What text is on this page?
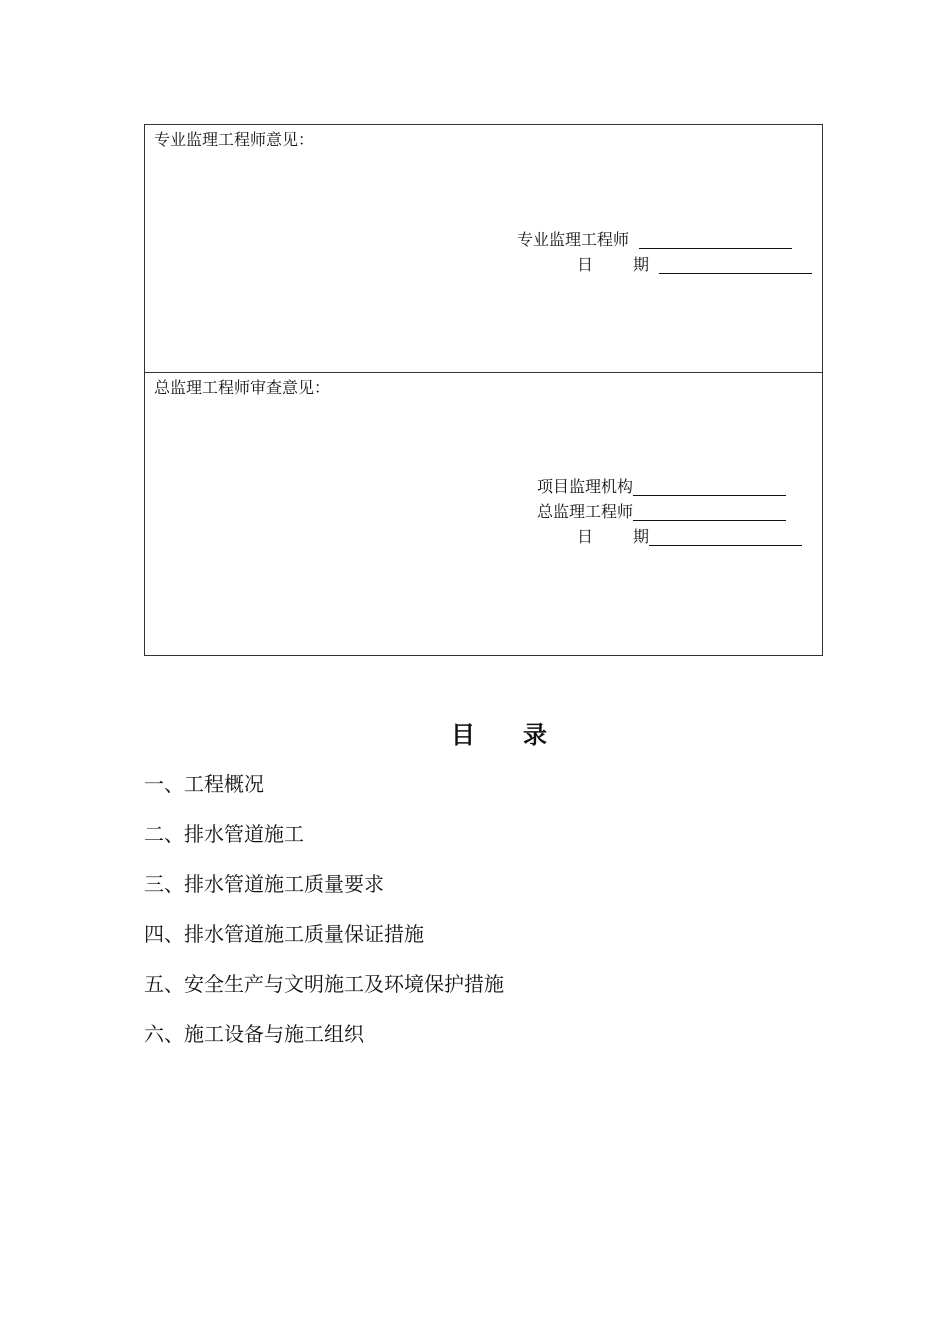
专业监理工程师意见：
专业监理工程师
日	期
总监理工程师审查意见：
项目监理机构
总监理工程师
日	期
目 录
一、工程概况
二、排水管道施工
三、排水管道施工质量要求
四、排水管道施工质量保证措施
五、安全生产与文明施工及环境保护措施
六、施工设备与施工组织
